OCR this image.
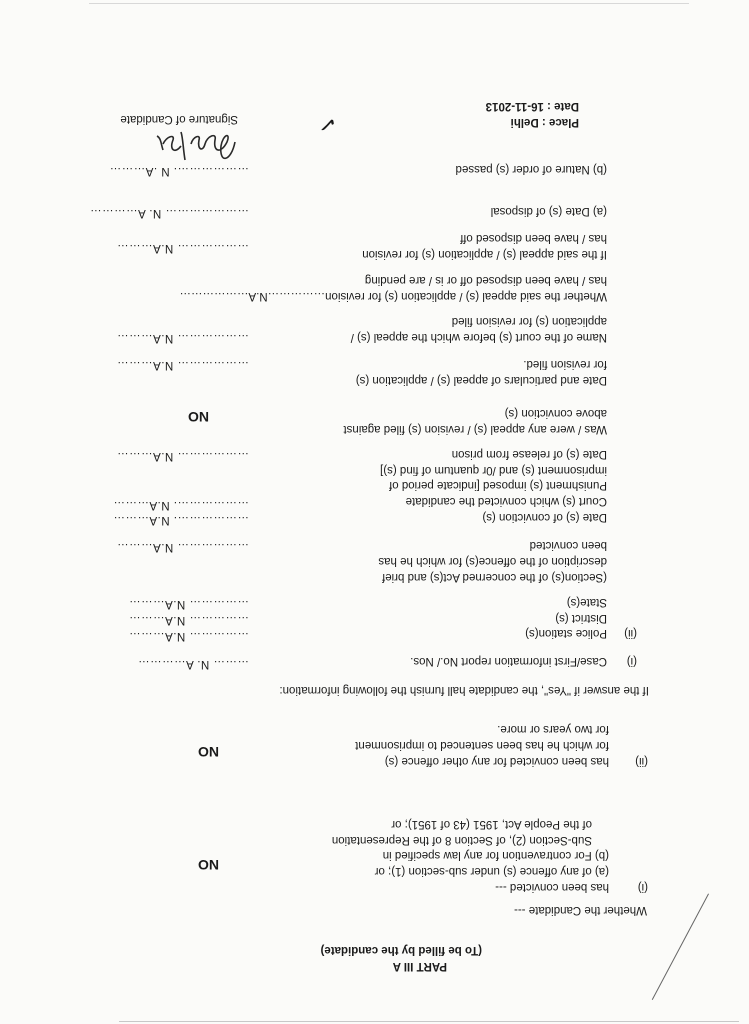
PART III A
(To be filled by the candidate)
Whether the Candidate ---
(i)
has been convicted ---
(a) of any offence (s) under sub-section (1); or
(b) For contravention for any law specified in
Sub-Section (2), of Section 8 of the Representation
of the People Act, 1951 (43 of 1951); or
NO
(ii)
has been convicted for any other offence (s)
for which he has been sentenced to imprisonment
for two years or more.
NO
If the answer if "Yes", the candidate hall furnish the following information:
(i)
Case/First information report No./ Nos.
……… N. A…………
(ii)
Police station(s)
…………… N.A………
District (s)
…………… N.A………
State(s)
…………… N.A………
(Section(s) of the concerned Act(s) and brief
description of the offence(s) for which he has
been convicted
……………… N.A………
Date (s) of conviction (s)
………………. N.A………
Court (s) which convicted the candidate
………………. N.A………
Punishment (s) imposed [indicate period of
imprisonment (s) and /0r quantum of find (s)]
Date (s) of release from prison
……………… N.A………
Was / were any appeal (s) / revision (s) filed against
above conviction (s)
NO
Date and particulars of appeal (s) / application (s)
for revision filed.
……………… N.A………
Name of the court (s) before which the appeal (s) /
application (s) for revision filed
……………… N.A………
Whether the said appeal (s) / application (s) for revision……………N.A………………
has / have been disposed off or is / are pending
If the said appeal (s) / application (s) for revision
has / have been disposed off
……………… N.A………
(a) Date (s) of disposal
………………… N. A…………
(b) Nature of order (s) passed
………………. N .A………
Place : Delhi
Date : 16-11-2013
Signature of Candidate	✓
